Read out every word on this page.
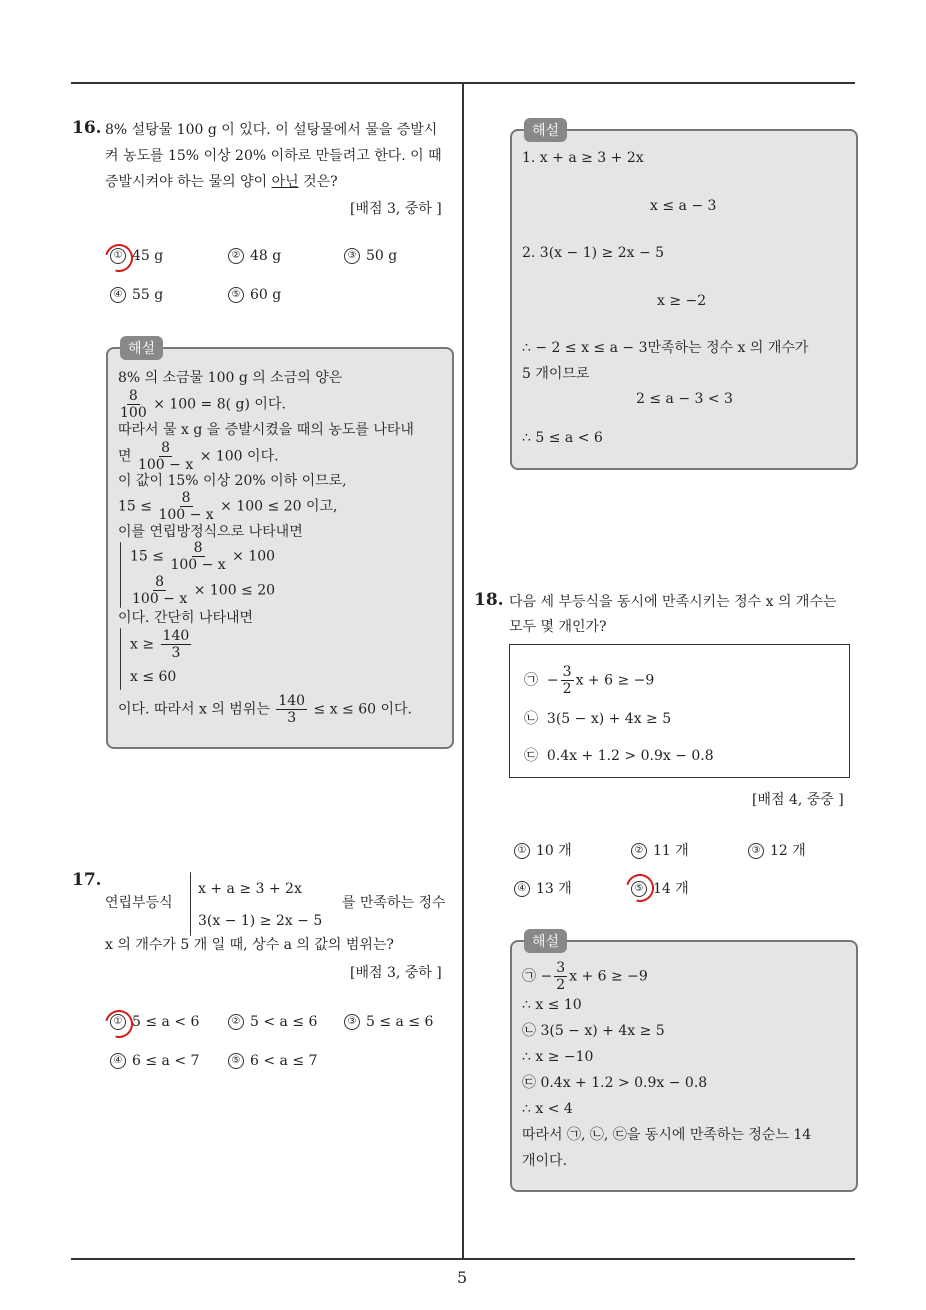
16. 8% 설탕물 100 g 이 있다. 이 설탕물에서 물을 증발시
켜 농도를 15% 이상 20% 이하로 만들려고 한다. 이 때
증발시켜야 하는 물의 양이 아닌 것은?
[배점 3, 중하 ]
① 45 g	② 48 g	③ 50 g
④ 55 g	⑤ 60 g
해설
8% 의 소금물 100 g 의 소금의 양은
$\frac{8}{100} \times 100 = 8$( g) 이다.
따라서 물 x g 을 증발시켰을 때의 농도를 나타내
면 $\frac{8}{100 - x} \times 100$ 이다.
이 값이 15% 이상 20% 이하 이므로,
$15 \le \frac{8}{100 - x} \times 100 \le 20$ 이고,
이를 연립방정식으로 나타내면
$15 \le \frac{8}{100 - x} \times 100$
$\frac{8}{100 - x} \times 100 \le 20$
이다. 간단히 나타내면
$x \ge \frac{140}{3}$
x ≤ 60
이다. 따라서 x 의 범위는 $\frac{140}{3} \le x \le 60$ 이다.
17.
연립부등식
x + a ≥ 3 + 2x
3(x − 1) ≥ 2x − 5
를 만족하는 정수
x 의 개수가 5 개 일 때, 상수 a 의 값의 범위는?
[배점 3, 중하 ]
① 5 ≤ a < 6	② 5 < a ≤ 6	③ 5 ≤ a ≤ 6
④ 6 ≤ a < 7	⑤ 6 < a ≤ 7
해설
1. x + a ≥ 3 + 2x
x ≤ a − 3
2. 3(x − 1) ≥ 2x − 5
x ≥ −2
∴ − 2 ≤ x ≤ a − 3만족하는 정수 x 의 개수가
5 개이므로
2 ≤ a − 3 < 3
∴ 5 ≤ a < 6
18. 다음 세 부등식을 동시에 만족시키는 정수 x 의 개수는
모두 몇 개인가?
㉠ − $\frac{3}{2}$ x + 6 ≥ −9
㉡ 3(5 − x) + 4x ≥ 5
㉢ 0.4x + 1.2 > 0.9x − 0.8
[배점 4, 중중 ]
① 10 개	② 11 개	③ 12 개
④ 13 개	⑤ 14 개
해설
㉠ − $\frac{3}{2}$ x + 6 ≥ −9
∴ x ≤ 10
㉡ 3(5 − x) + 4x ≥ 5
∴ x ≥ −10
㉢ 0.4x + 1.2 > 0.9x − 0.8
∴ x < 4
따라서 ㉠, ㉡, ㉢을 동시에 만족하는 정순느 14
개이다.
5
